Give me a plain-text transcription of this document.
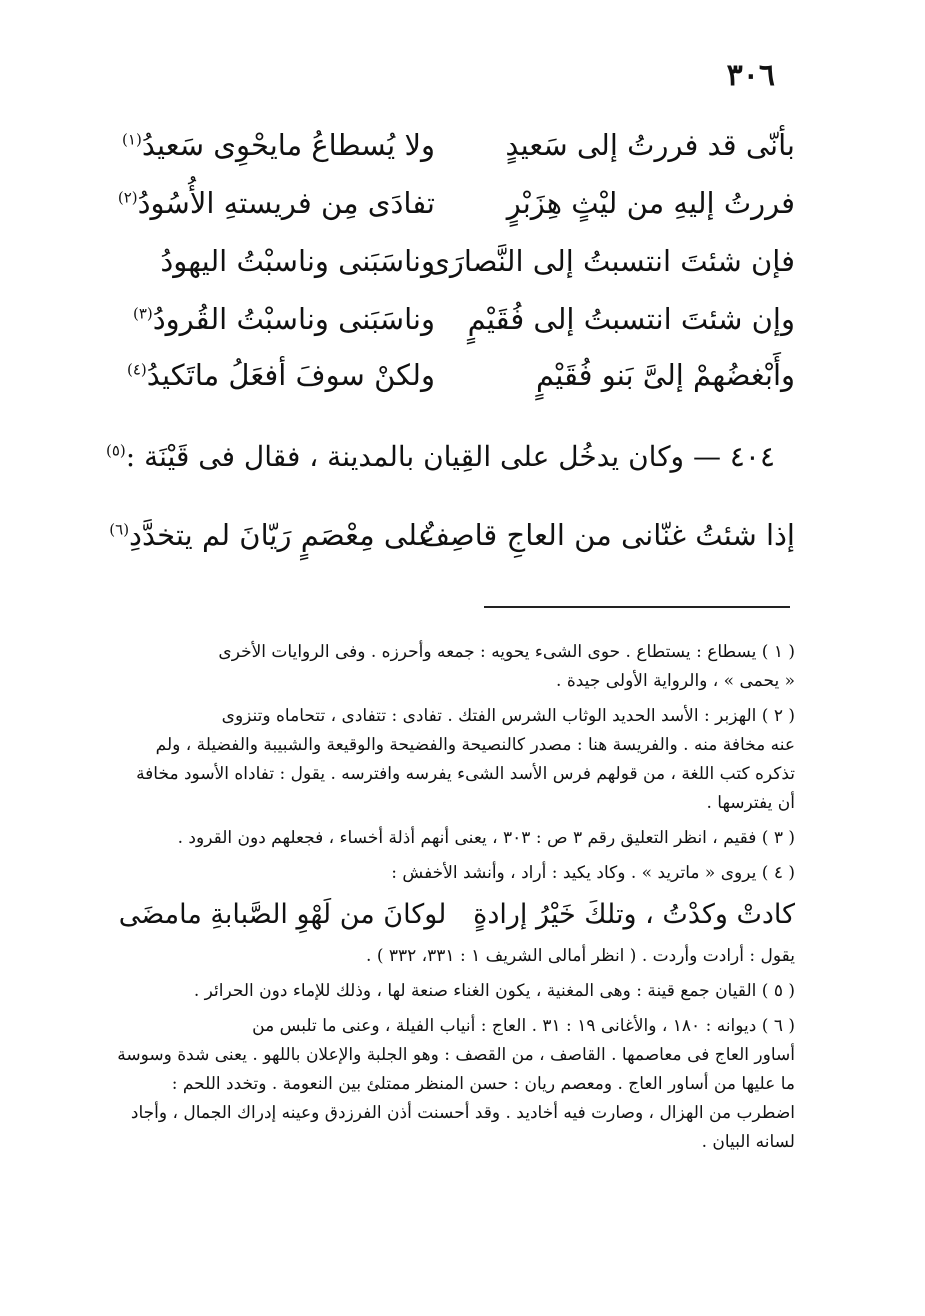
٣٠٦
بأنّى قد فررتُ إلى سَعيدٍ
ولا يُسطاعُ مايحْوِى سَعيدُ$^{(١)}$
فررتُ إليهِ من ليْثٍ هِزَبْرٍ
تفادَى مِن فريستهِ الأُسُودُ$^{(٢)}$
فإن شئتَ انتسبتُ إلى النَّصارَى
وناسَبَنى وناسبْتُ اليهودُ
وإن شئتَ انتسبتُ إلى فُقَيْمٍ
وناسَبَنى وناسبْتُ القُرودُ$^{(٣)}$
وأَبْغضُهمْ إلىَّ بَنو فُقَيْمٍ
ولكنْ سوفَ أفعَلُ ماتَكيدُ$^{(٤)}$
٤٠٤ — وكان يدخُل على القِيان بالمدينة ، فقال فى قَيْنَة :$^{(٥)}$
إذا شئتُ غنّانى من العاجِ قاصِفٌ
على مِعْصَمٍ رَيّانَ لم يتخدَّدِ$^{(٦)}$

( ١ ) يسطاع : يستطاع . حوى الشىء يحويه : جمعه وأحرزه . وفى الروايات الأخرى

« يحمى » ، والرواية الأولى جيدة .

( ٢ ) الهزبر : الأسد الحديد الوثاب الشرس الفتك . تفادى : تتفادى ، تتحاماه وتنزوى

عنه مخافة منه . والفريسة هنا : مصدر كالنصيحة والفضيحة والوقيعة والشبيبة والفضيلة ، ولم

تذكره كتب اللغة ، من قولهم فرس الأسد الشىء يفرسه وافترسه . يقول : تفاداه الأسود مخافة

أن يفترسها .

( ٣ ) فقيم ، انظر التعليق رقم ٣ ص : ٣٠٣ ، يعنى أنهم أذلة أخساء ، فجعلهم دون القرود .

( ٤ ) يروى « ماتريد » . وكاد يكيد : أراد ، وأنشد الأخفش :

كادتْ وكدْتُ ، وتلكَ خَيْرُ إرادةٍ لوكانَ من لَهْوِ الصَّبابةِ مامضَى

يقول : أرادت وأردت . ( انظر أمالى الشريف ١ : ٣٣١، ٣٣٢ ) .

( ٥ ) القيان جمع قينة : وهى المغنية ، يكون الغناء صنعة لها ، وذلك للإماء دون الحرائر .

( ٦ ) ديوانه : ١٨٠ ، والأغانى ١٩ : ٣١ . العاج : أنياب الفيلة ، وعنى ما تلبس من

أساور العاج فى معاصمها . القاصف ، من القصف : وهو الجلبة والإعلان باللهو . يعنى شدة وسوسة

ما عليها من أساور العاج . ومعصم ريان : حسن المنظر ممتلئ بين النعومة . وتخدد اللحم :

اضطرب من الهزال ، وصارت فيه أخاديد . وقد أحسنت أذن الفرزدق وعينه إدراك الجمال ، وأجاد

لسانه البيان .
